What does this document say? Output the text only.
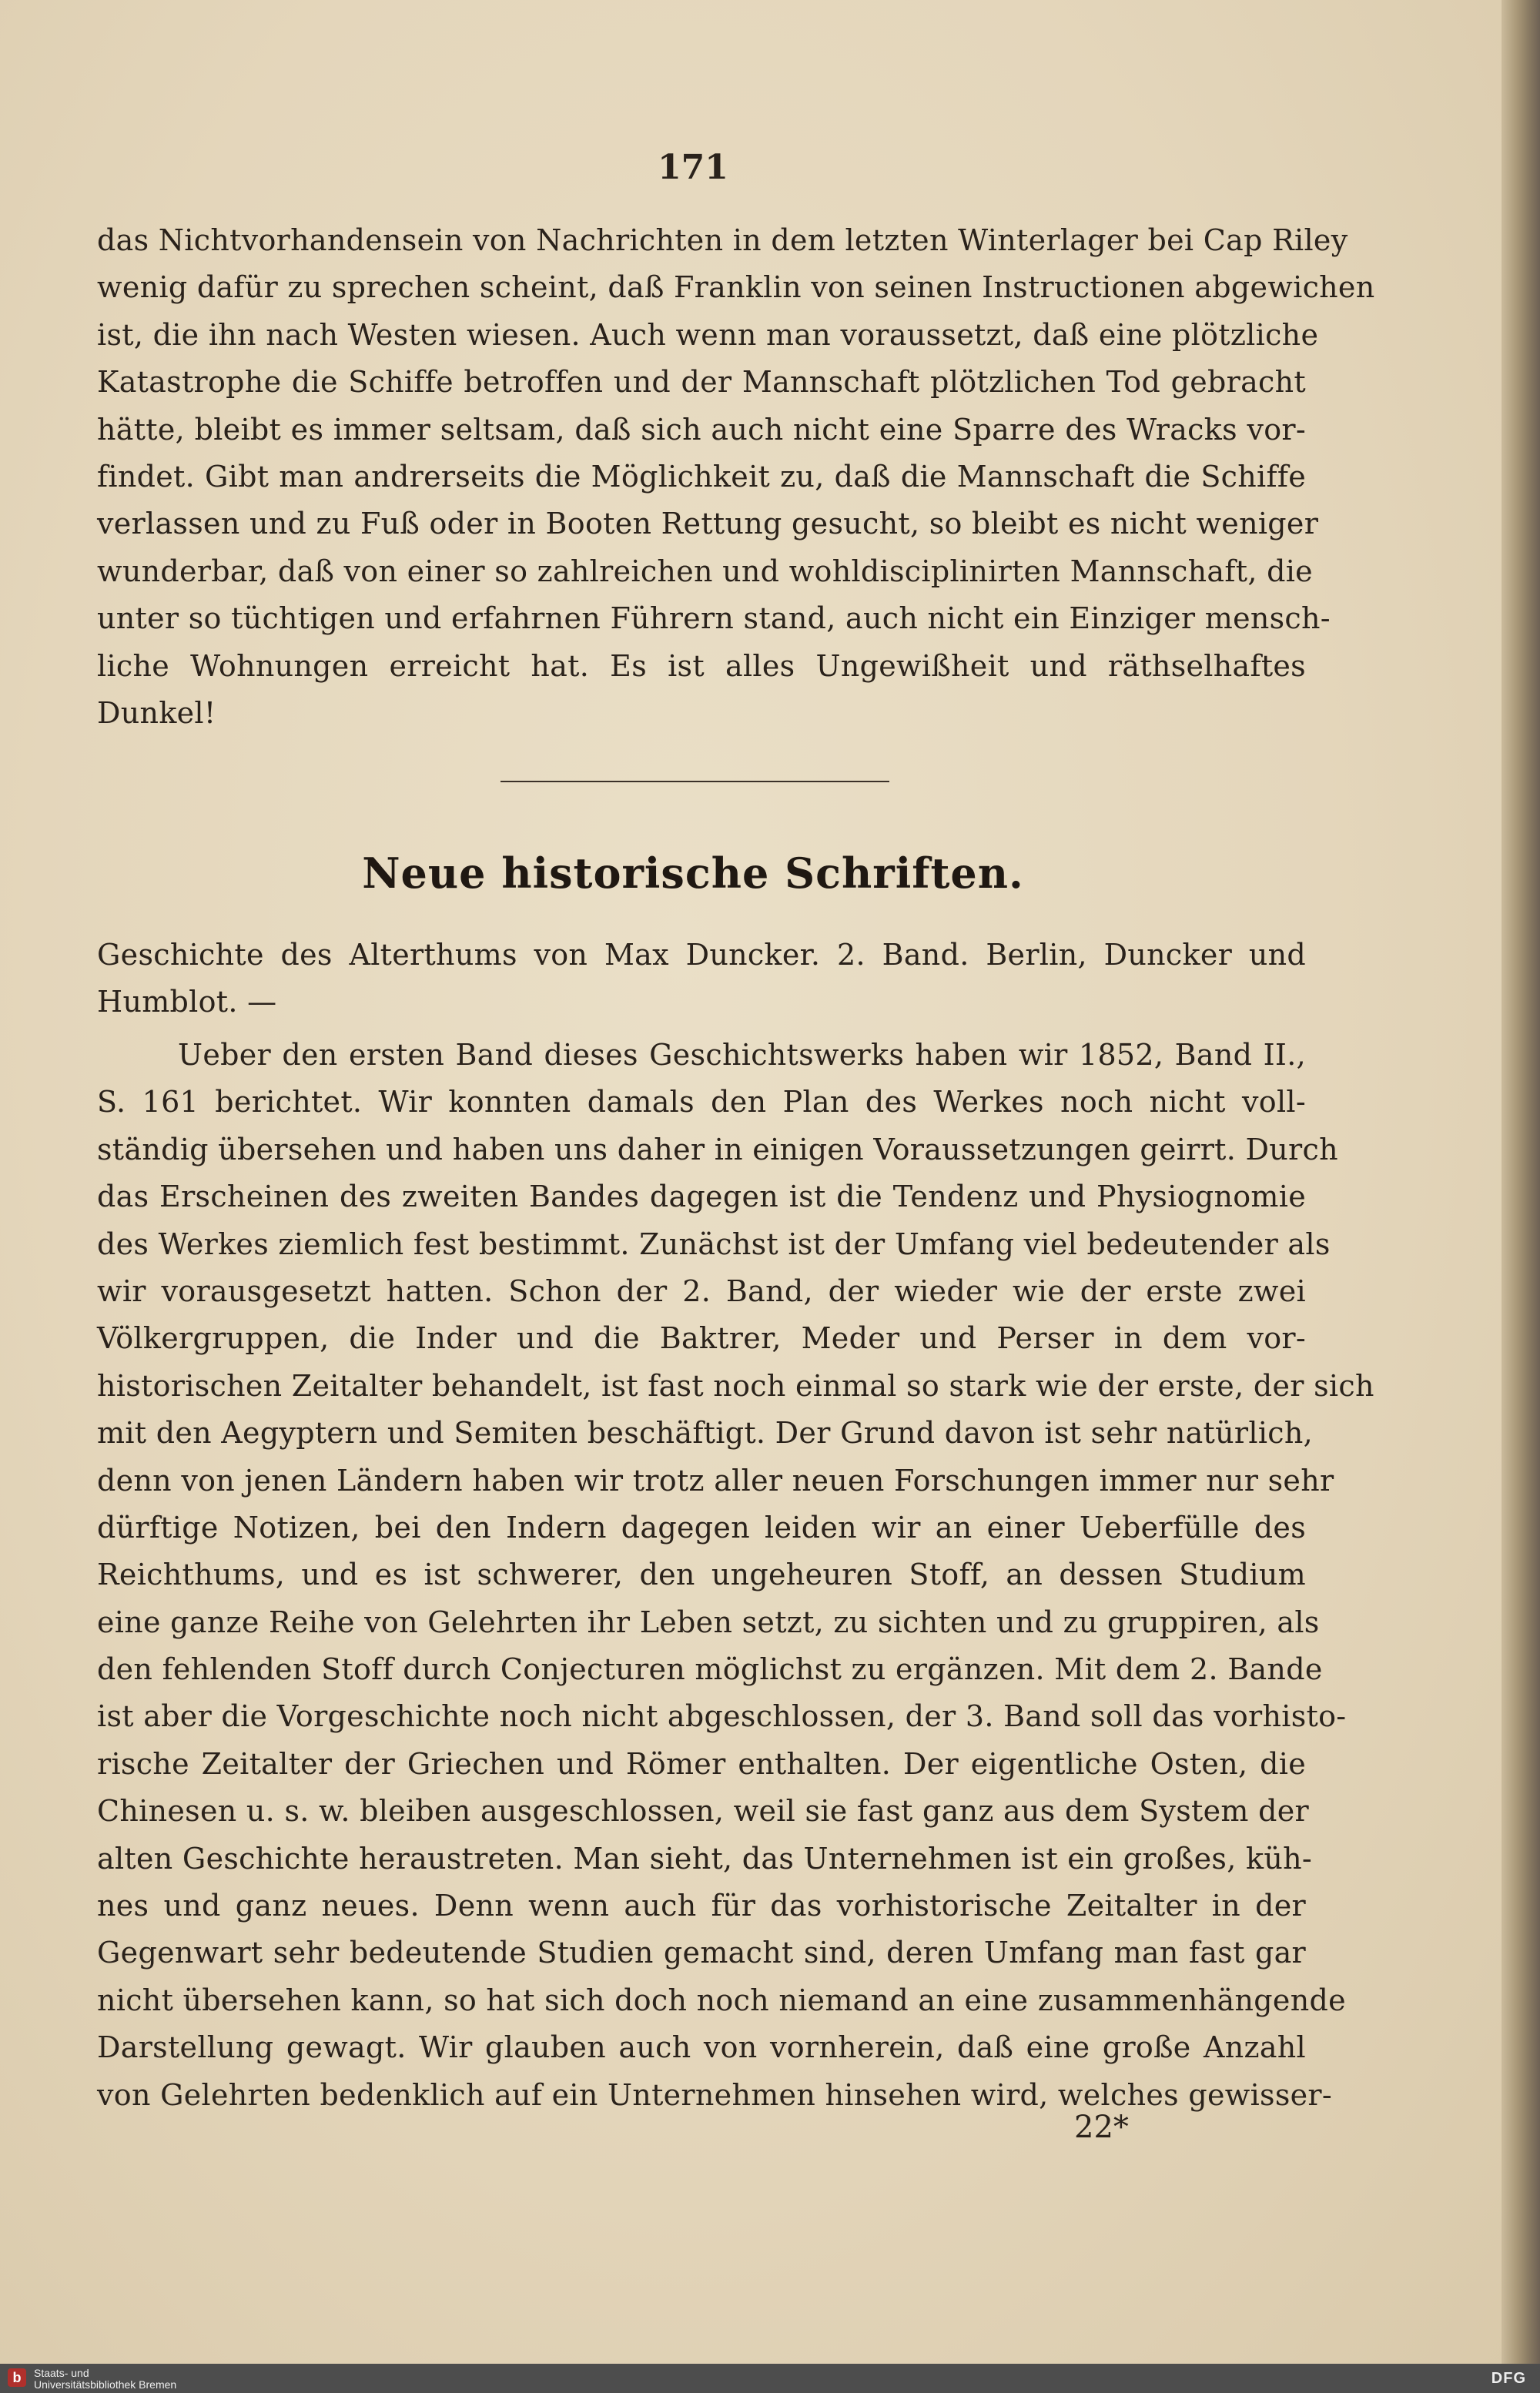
171
das Nichtvorhandensein von Nachrichten in dem letzten Winterlager bei Cap Riley
wenig dafür zu sprechen scheint, daß Franklin von seinen Instructionen abgewichen
ist, die ihn nach Westen wiesen. Auch wenn man voraussetzt, daß eine plötzliche
Katastrophe die Schiffe betroffen und der Mannschaft plötzlichen Tod gebracht
hätte, bleibt es immer seltsam, daß sich auch nicht eine Sparre des Wracks vor-
findet. Gibt man andrerseits die Möglichkeit zu, daß die Mannschaft die Schiffe
verlassen und zu Fuß oder in Booten Rettung gesucht, so bleibt es nicht weniger
wunderbar, daß von einer so zahlreichen und wohldisciplinirten Mannschaft, die
unter so tüchtigen und erfahrnen Führern stand, auch nicht ein Einziger mensch-
liche Wohnungen erreicht hat. Es ist alles Ungewißheit und räthselhaftes
Dunkel!
Neue historische Schriften.
Geschichte des Alterthums von Max Duncker. 2. Band. Berlin, Duncker und
Humblot. —
Ueber den ersten Band dieses Geschichtswerks haben wir 1852, Band II.,
S. 161 berichtet. Wir konnten damals den Plan des Werkes noch nicht voll-
ständig übersehen und haben uns daher in einigen Voraussetzungen geirrt. Durch
das Erscheinen des zweiten Bandes dagegen ist die Tendenz und Physiognomie
des Werkes ziemlich fest bestimmt. Zunächst ist der Umfang viel bedeutender als
wir vorausgesetzt hatten. Schon der 2. Band, der wieder wie der erste zwei
Völkergruppen, die Inder und die Baktrer, Meder und Perser in dem vor-
historischen Zeitalter behandelt, ist fast noch einmal so stark wie der erste, der sich
mit den Aegyptern und Semiten beschäftigt. Der Grund davon ist sehr natürlich,
denn von jenen Ländern haben wir trotz aller neuen Forschungen immer nur sehr
dürftige Notizen, bei den Indern dagegen leiden wir an einer Ueberfülle des
Reichthums, und es ist schwerer, den ungeheuren Stoff, an dessen Studium
eine ganze Reihe von Gelehrten ihr Leben setzt, zu sichten und zu gruppiren, als
den fehlenden Stoff durch Conjecturen möglichst zu ergänzen. Mit dem 2. Bande
ist aber die Vorgeschichte noch nicht abgeschlossen, der 3. Band soll das vorhisto-
rische Zeitalter der Griechen und Römer enthalten. Der eigentliche Osten, die
Chinesen u. s. w. bleiben ausgeschlossen, weil sie fast ganz aus dem System der
alten Geschichte heraustreten. Man sieht, das Unternehmen ist ein großes, küh-
nes und ganz neues. Denn wenn auch für das vorhistorische Zeitalter in der
Gegenwart sehr bedeutende Studien gemacht sind, deren Umfang man fast gar
nicht übersehen kann, so hat sich doch noch niemand an eine zusammenhängende
Darstellung gewagt. Wir glauben auch von vornherein, daß eine große Anzahl
von Gelehrten bedenklich auf ein Unternehmen hinsehen wird, welches gewisser-
22*
b	Staats- und
Universitätsbibliothek Bremen	DFG
